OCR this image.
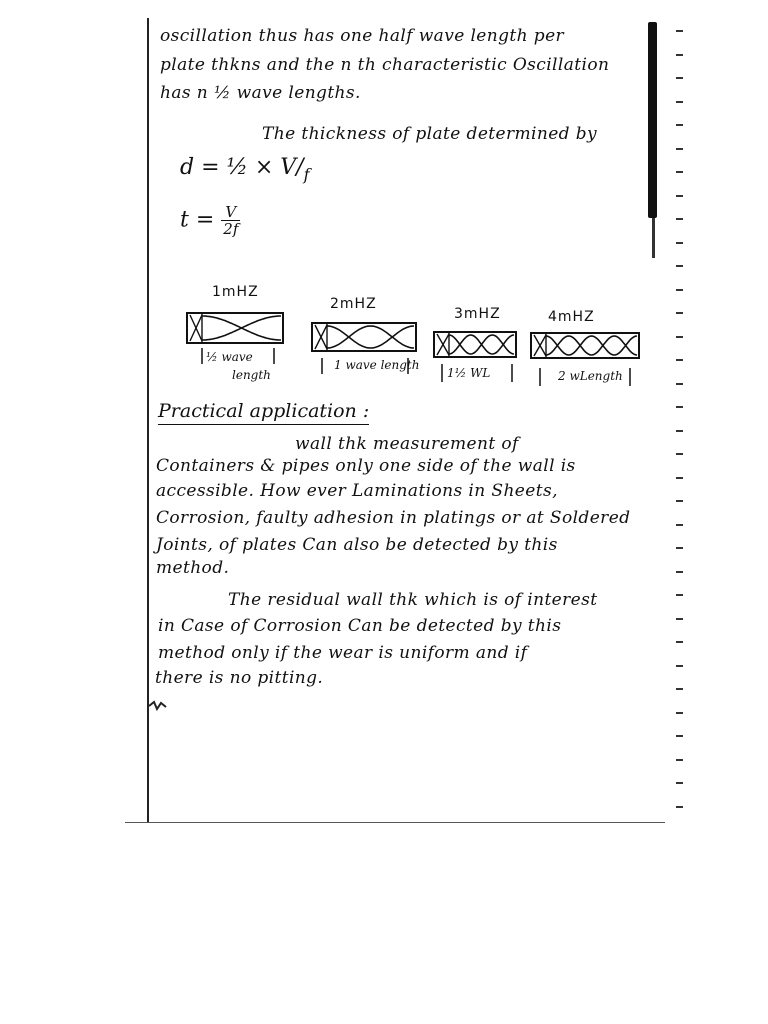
oscillation thus has one half wave length per
plate thkns and the n th characteristic Oscillation
has n ½ wave lengths.
The thickness of plate determined by
d = ½ × $V/_f$
$t = \frac{V}{2f}$
1mHZ
2mHZ
3mHZ	4mHZ
½ wave
length
1 wave length
1½ WL	2 wLength
Practical application :
wall thk measurement of
Containers & pipes only one side of the wall is
accessible. How ever Laminations in Sheets,
Corrosion, faulty adhesion in platings or at Soldered
Joints, of plates Can also be detected by this
method.
The residual wall thk which is of interest
in Case of Corrosion Can be detected by this
method only if the wear is uniform and if
there is no pitting.
